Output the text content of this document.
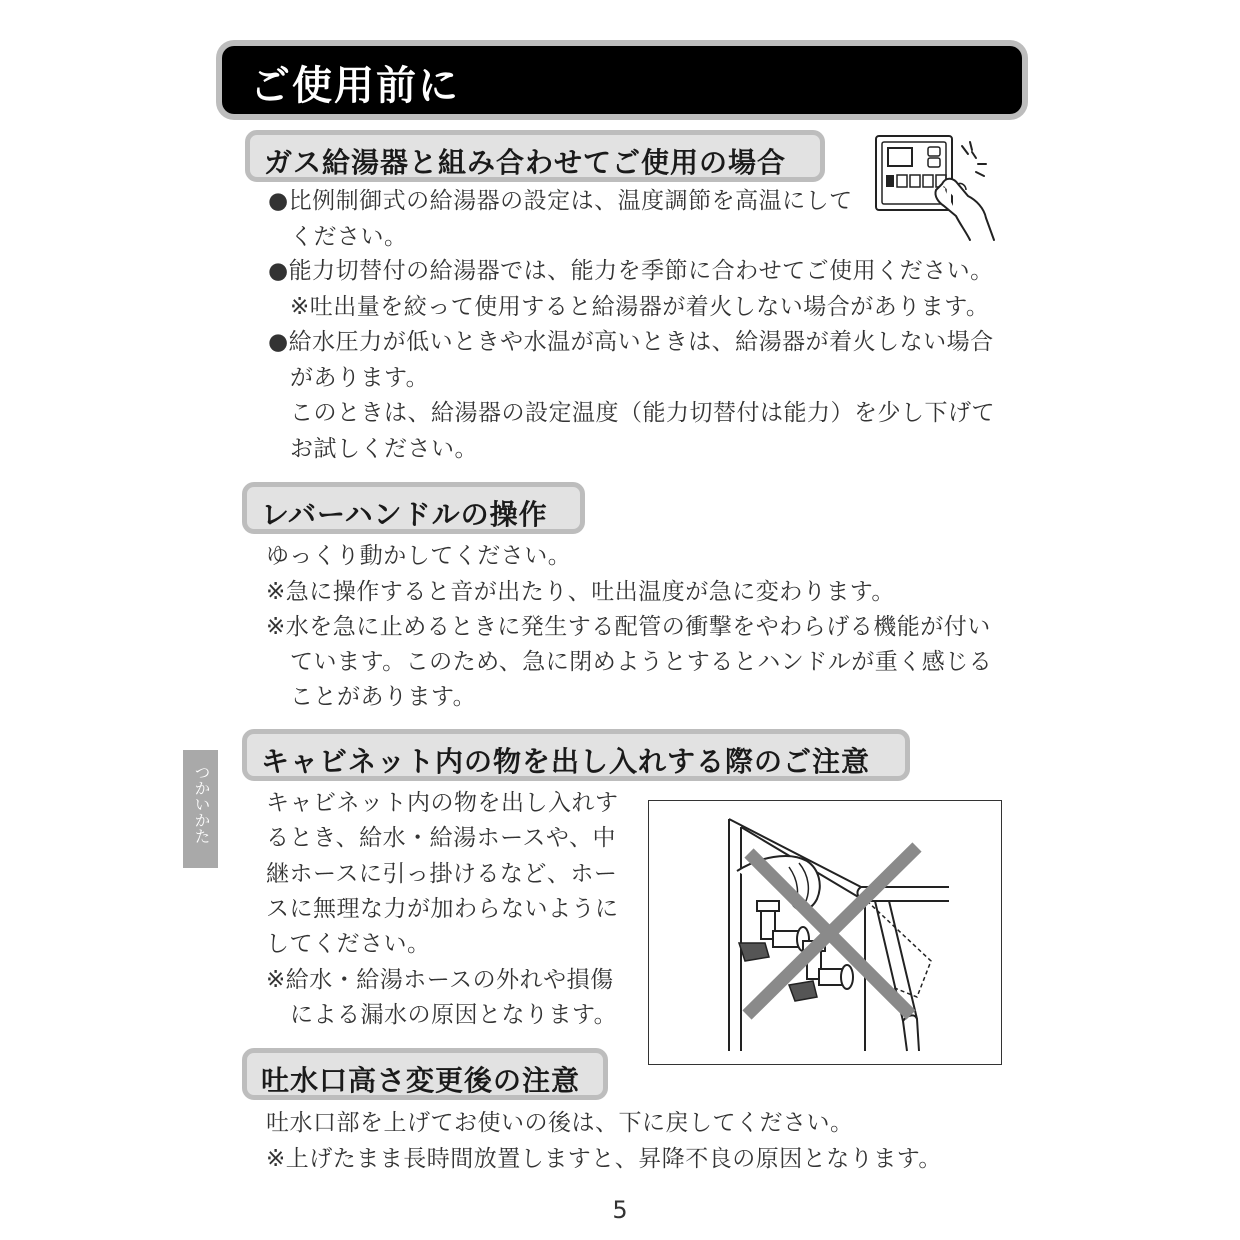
ご使用前に
ガス給湯器と組み合わせてご使用の場合
●比例制御式の給湯器の設定は、温度調節を高温にして
ください。
●能力切替付の給湯器では、能力を季節に合わせてご使用ください。
※吐出量を絞って使用すると給湯器が着火しない場合があります。
●給水圧力が低いときや水温が高いときは、給湯器が着火しない場合
があります。
このときは、給湯器の設定温度（能力切替付は能力）を少し下げて
お試しください。
レバーハンドルの操作
ゆっくり動かしてください。
※急に操作すると音が出たり、吐出温度が急に変わります。
※水を急に止めるときに発生する配管の衝撃をやわらげる機能が付い
ています。このため、急に閉めようとするとハンドルが重く感じる
ことがあります。
キャビネット内の物を出し入れする際のご注意
キャビネット内の物を出し入れす
るとき、給水・給湯ホースや、中
継ホースに引っ掛けるなど、ホー
スに無理な力が加わらないように
してください。
※給水・給湯ホースの外れや損傷
による漏水の原因となります。
吐水口高さ変更後の注意
吐水口部を上げてお使いの後は、下に戻してください。
※上げたまま長時間放置しますと、昇降不良の原因となります。
つかいかた
5
